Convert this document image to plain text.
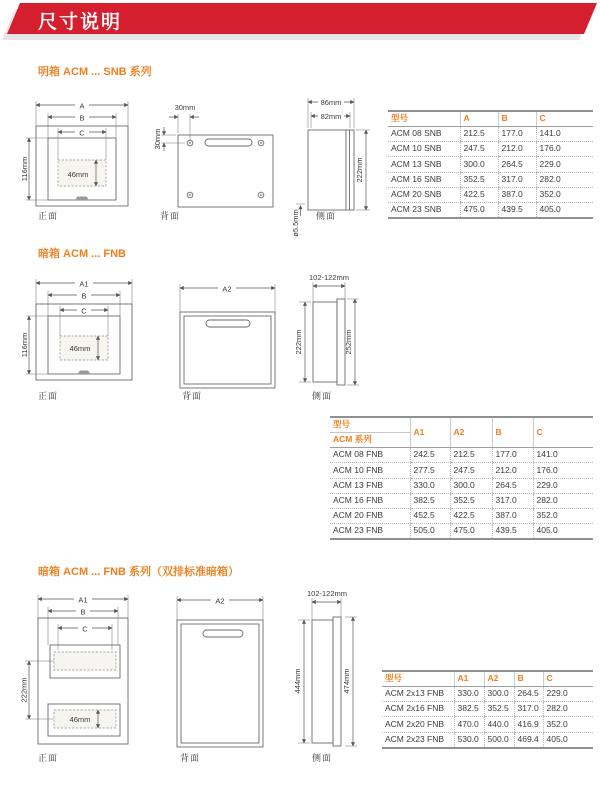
尺寸说明
明箱 ACM ... SNB 系列
A
B
C
116mm	46mm
30mm
30mm
86mm
82mm
222mm
ø5.5mm
正面	背面	侧面
型号	A	B	C
ACM 08 SNB	212.5	177.0	141.0
ACM 10 SNB	247.5	212.0	176.0
ACM 13 SNB	300.0	264.5	229.0
ACM 16 SNB	352.5	317.0	282.0
ACM 20 SNB	422.5	387.0	352.0
ACM 23 SNB	475.0	439.5	405.0
暗箱 ACM ... FNB
A1
B
C
116mm	46mm
A2
102-122mm
222mm	252mm
正面	背面	侧面
型号	A1	A2	B	C
ACM 系列				
ACM 08 FNB	242.5	212.5	177.0	141.0
ACM 10 FNB	277.5	247.5	212.0	176.0
ACM 13 FNB	330.0	300.0	264.5	229.0
ACM 16 FNB	382.5	352.5	317.0	282.0
ACM 20 FNB	452.5	422.5	387.0	352.0
ACM 23 FNB	505.0	475.0	439.5	405.0
暗箱 ACM ... FNB 系列（双排标准暗箱）
A1
B
C
222mm
46mm
A2
102-122mm
444mm	474mm
正面	背面	侧面
型号	A1	A2	B	C
ACM 2x13 FNB	330.0	300.0	264.5	229.0
ACM 2x16 FNB	382.5	352.5	317.0	282.0
ACM 2x20 FNB	470.0	440.0	416.9	352.0
ACM 2x23 FNB	530.0	500.0	469.4	405.0
